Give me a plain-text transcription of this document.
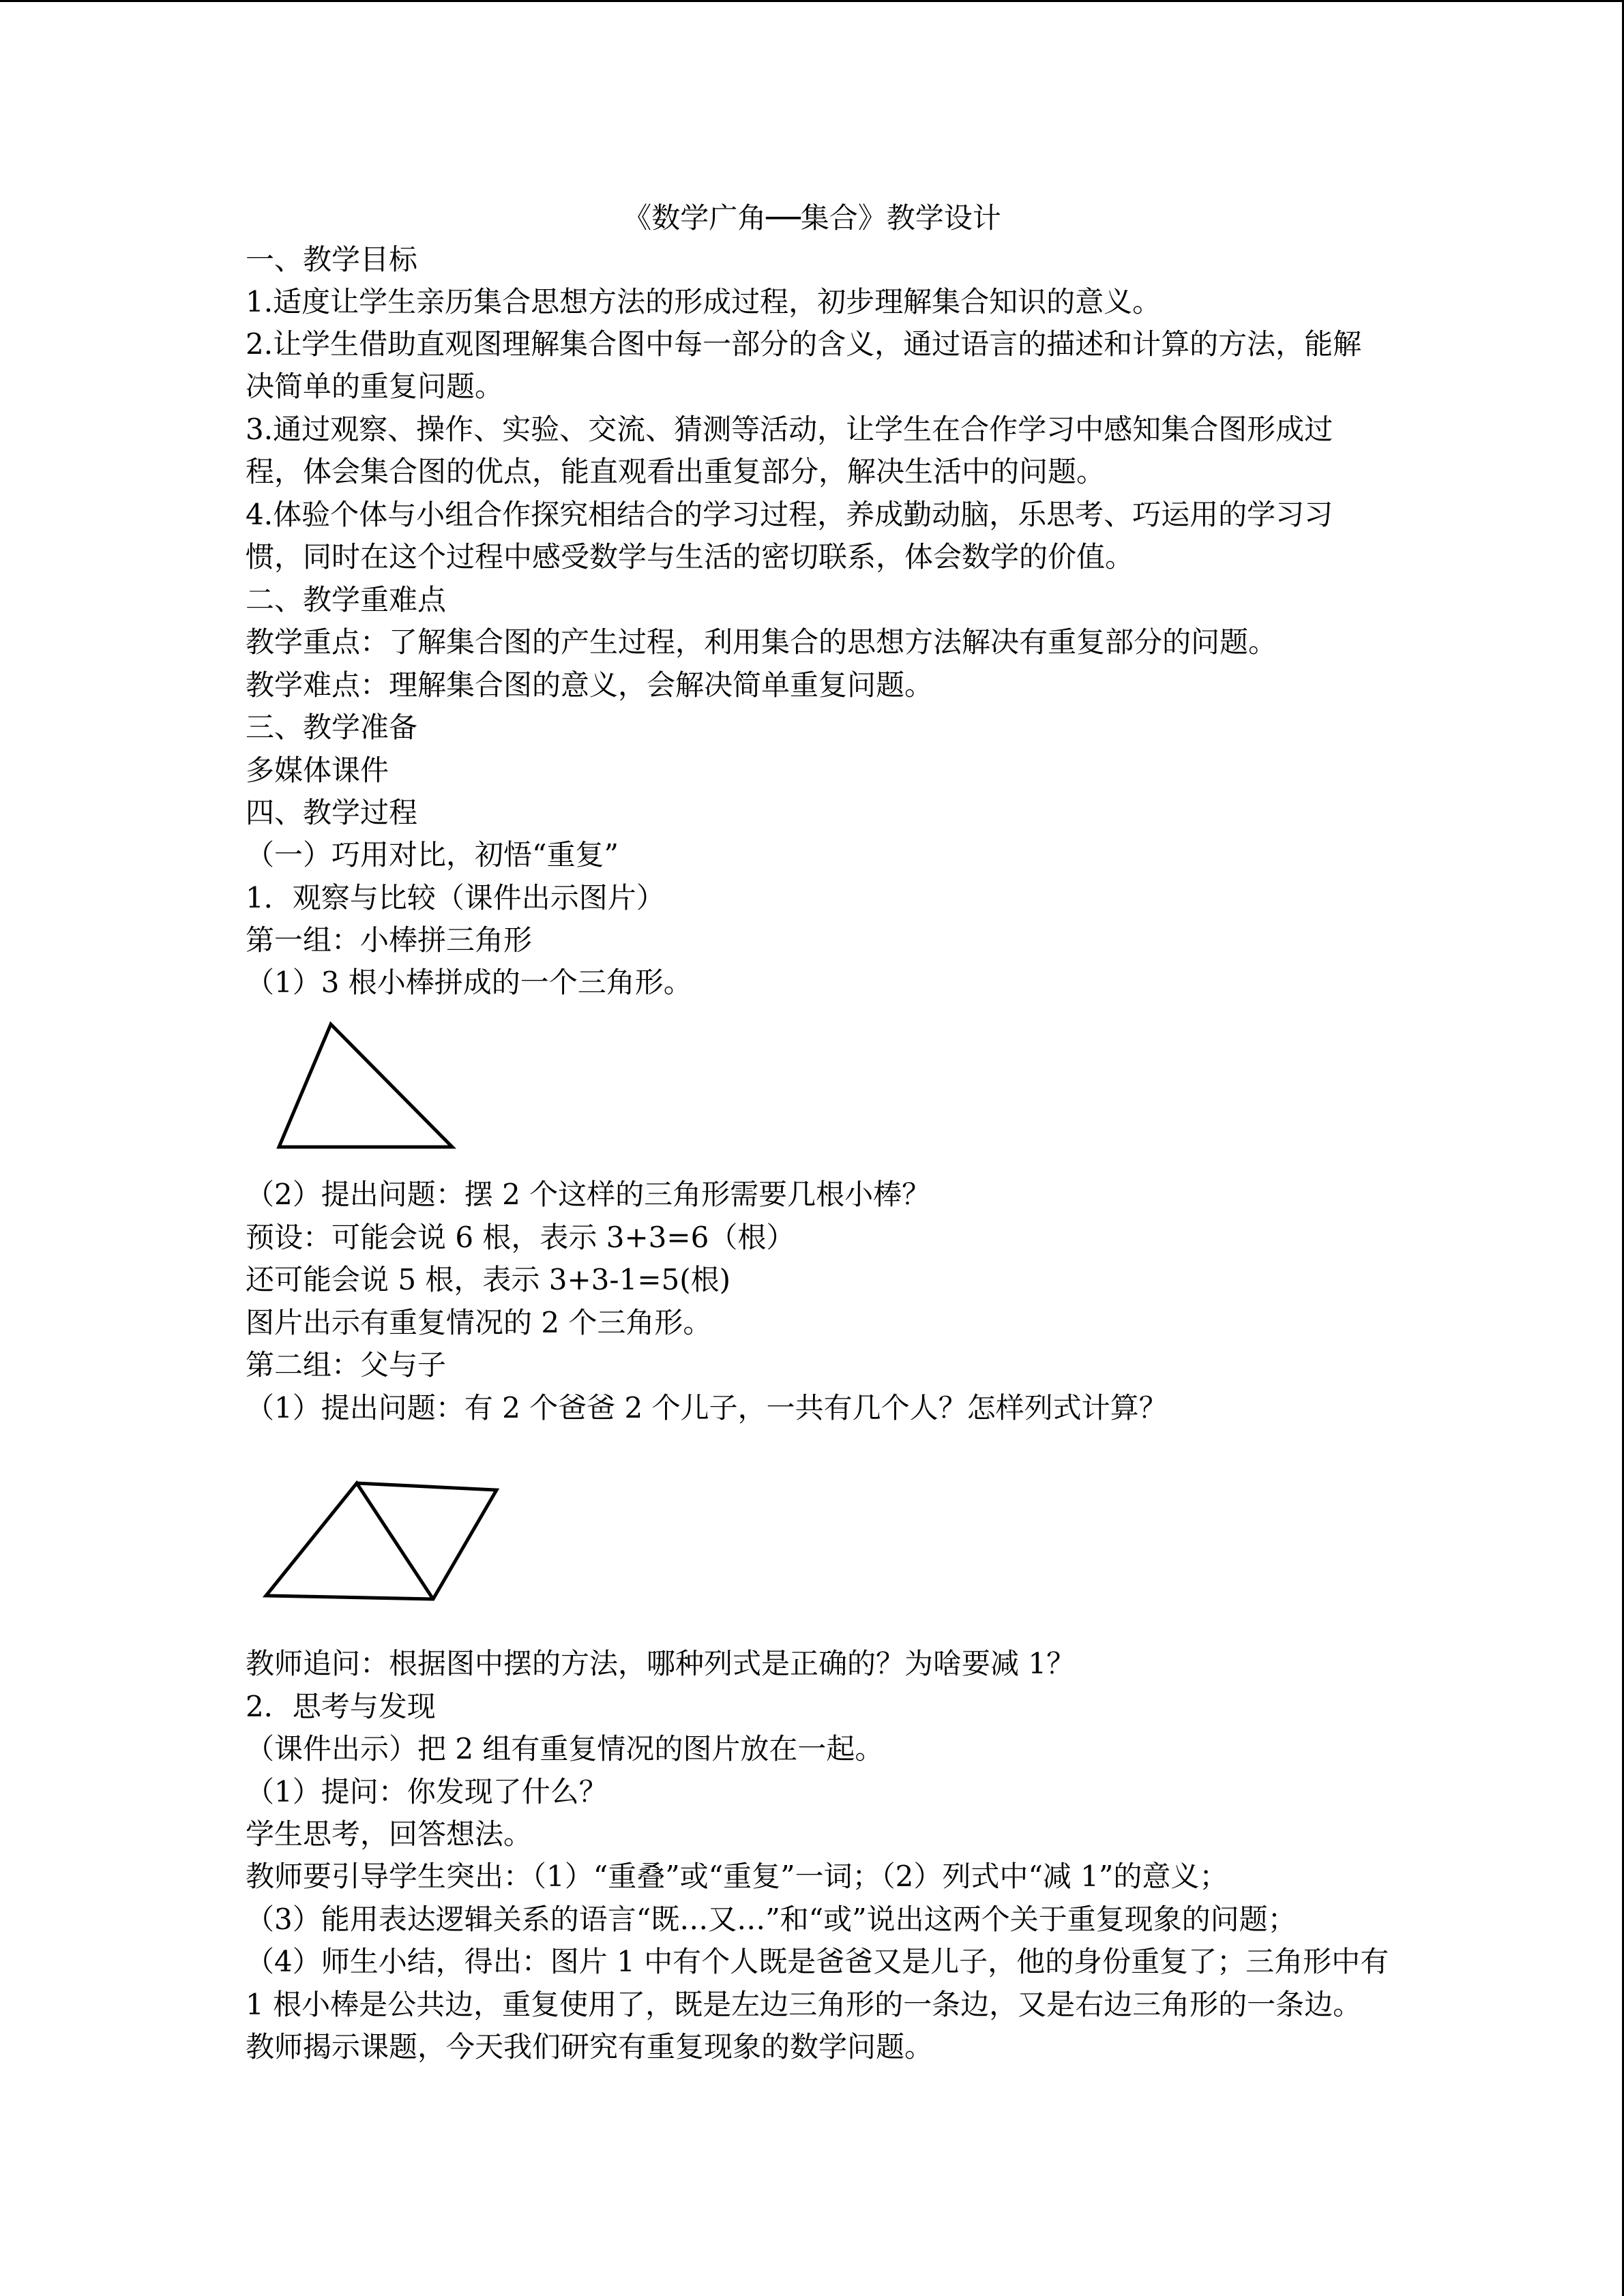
《数学广角──集合》教学设计

一、教学目标

1.适度让学生亲历集合思想方法的形成过程，初步理解集合知识的意义。

2.让学生借助直观图理解集合图中每一部分的含义，通过语言的描述和计算的方法，能解

决简单的重复问题。

3.通过观察、操作、实验、交流、猜测等活动，让学生在合作学习中感知集合图形成过

程，体会集合图的优点，能直观看出重复部分，解决生活中的问题。

4.体验个体与小组合作探究相结合的学习过程，养成勤动脑，乐思考、巧运用的学习习

惯，同时在这个过程中感受数学与生活的密切联系，体会数学的价值。

二、教学重难点

教学重点：了解集合图的产生过程，利用集合的思想方法解决有重复部分的问题。

教学难点：理解集合图的意义，会解决简单重复问题。

三、教学准备

多媒体课件

四、教学过程

（一）巧用对比，初悟“重复”

1．观察与比较（课件出示图片）

第一组：小棒拼三角形

（1）3 根小棒拼成的一个三角形。

（2）提出问题：摆 2 个这样的三角形需要几根小棒？

预设：可能会说 6 根，表示 3+3=6（根）

还可能会说 5 根，表示 3+3-1=5(根)

图片出示有重复情况的 2 个三角形。

第二组：父与子

（1）提出问题：有 2 个爸爸 2 个儿子，一共有几个人？怎样列式计算？

教师追问：根据图中摆的方法，哪种列式是正确的？为啥要减 1？

2．思考与发现

（课件出示）把 2 组有重复情况的图片放在一起。

（1）提问：你发现了什么？

学生思考，回答想法。

教师要引导学生突出：（1）“重叠”或“重复”一词；（2）列式中“减 1”的意义；

（3）能用表达逻辑关系的语言“既…又…”和“或”说出这两个关于重复现象的问题；

（4）师生小结，得出：图片 1 中有个人既是爸爸又是儿子，他的身份重复了；三角形中有

1 根小棒是公共边，重复使用了，既是左边三角形的一条边，又是右边三角形的一条边。

教师揭示课题，今天我们研究有重复现象的数学问题。
